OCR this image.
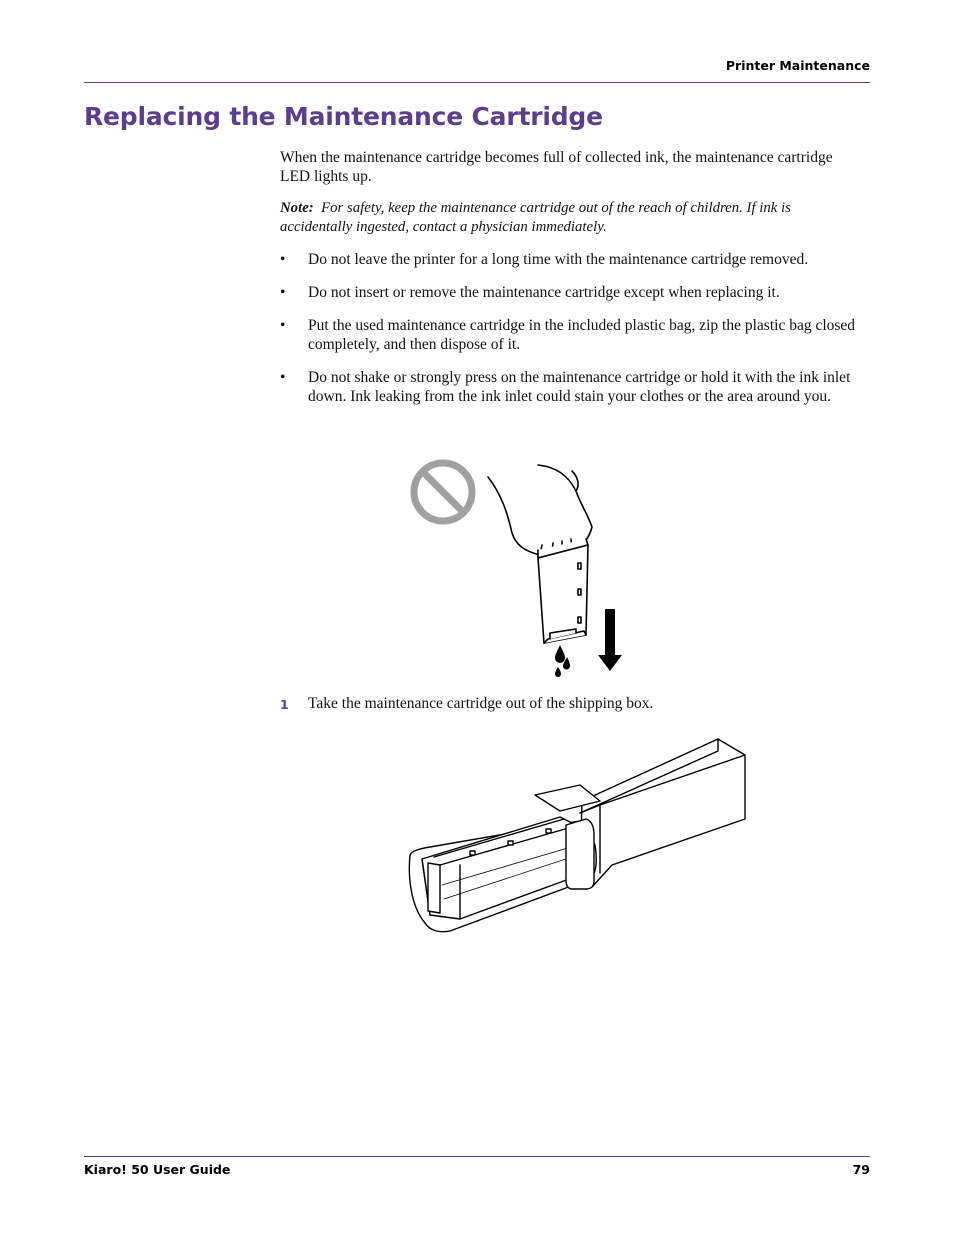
Printer Maintenance
Replacing the Maintenance Cartridge

When the maintenance cartridge becomes full of collected ink, the maintenance cartridge LED lights up.

Note: For safety, keep the maintenance cartridge out of the reach of children. If ink is accidentally ingested, contact a physician immediately.

• Do not leave the printer for a long time with the maintenance cartridge removed.
• Do not insert or remove the maintenance cartridge except when replacing it.
• Put the used maintenance cartridge in the included plastic bag, zip the plastic bag closed completely, and then dispose of it.
• Do not shake or strongly press on the maintenance cartridge or hold it with the ink inlet down. Ink leaking from the ink inlet could stain your clothes or the area around you.
1 Take the maintenance cartridge out of the shipping box.
Kiaro! 50 User Guide	79
